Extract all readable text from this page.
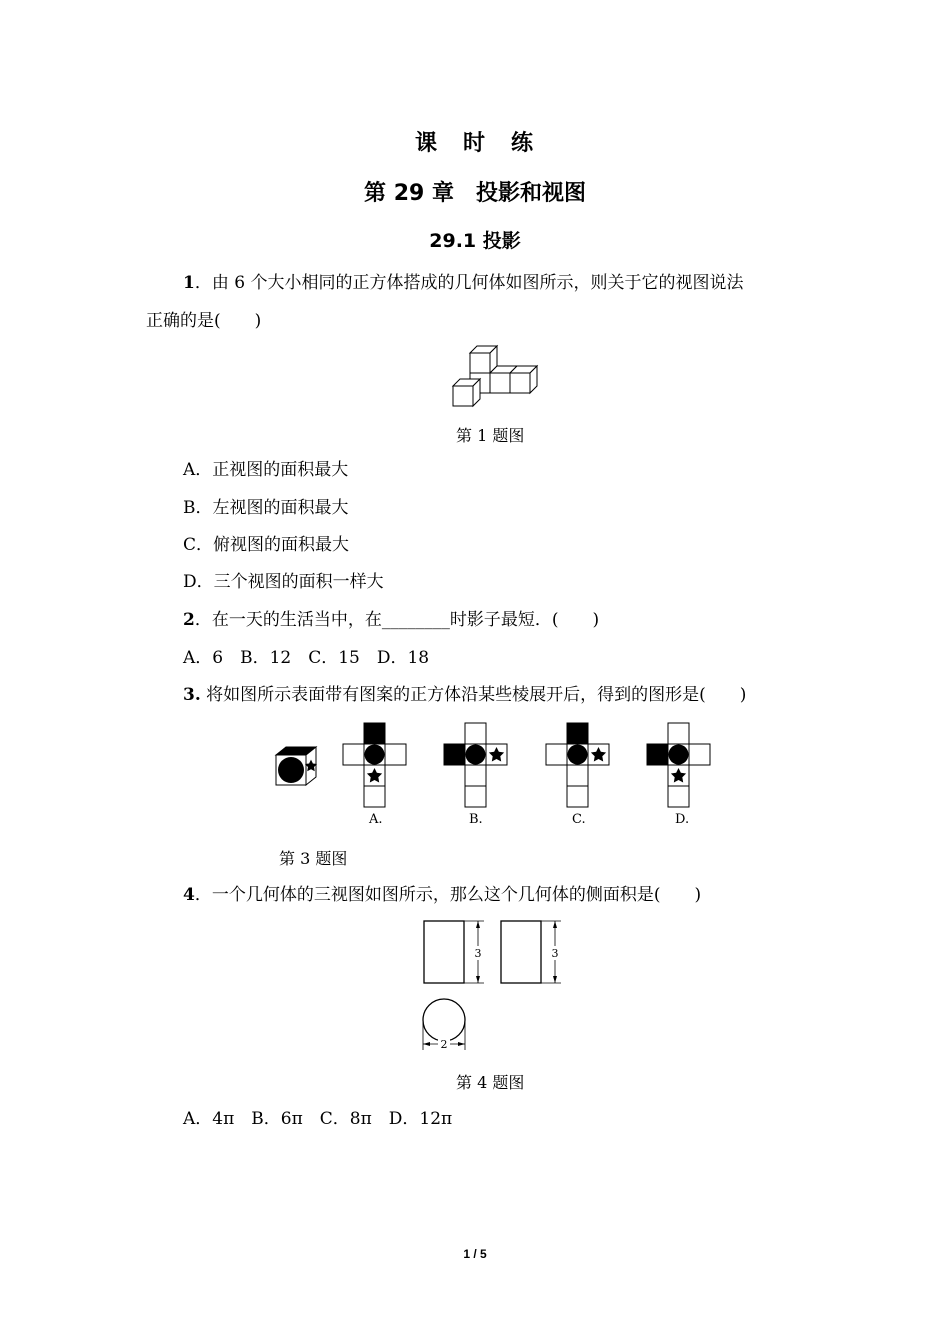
课　时　练
第 29 章　投影和视图
29.1 投影
1．由 6 个大小相同的正方体搭成的几何体如图所示，则关于它的视图说法
正确的是(　　)
第 1 题图
A．正视图的面积最大
B．左视图的面积最大
C．俯视图的面积最大
D．三个视图的面积一样大
2．在一天的生活当中，在________时影子最短．(　　)
A．6　B．12　C．15　D．18
3. 将如图所示表面带有图案的正方体沿某些棱展开后，得到的图形是(　　)
A.	B.	C.	D.
第 3 题图
4．一个几何体的三视图如图所示，那么这个几何体的侧面积是(　　)
3	3
2
第 4 题图
A．4π　B．6π　C．8π　D．12π
1 / 5
